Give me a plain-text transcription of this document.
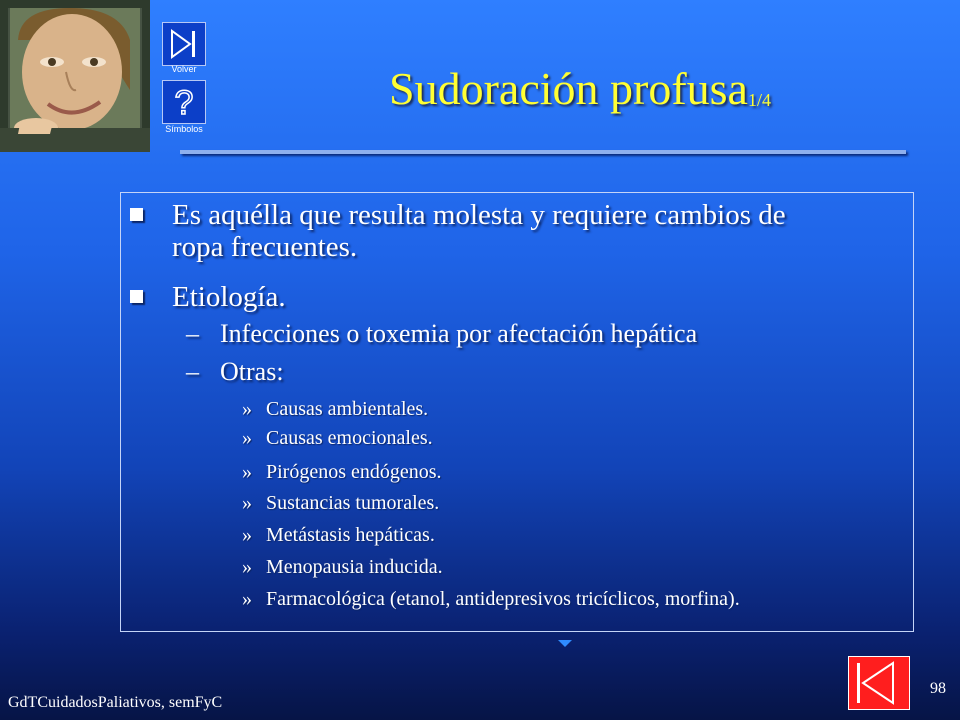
Volver
?
Símbolos
Sudoración profusa$_{1/4}$
Es aquélla que resulta molesta y requiere cambios de ropa frecuentes.
Etiología.
– Infecciones o toxemia por afectación hepática
– Otras:
» Causas ambientales.
» Causas emocionales.
» Pirógenos endógenos.
» Sustancias tumorales.
» Metástasis hepáticas.
» Menopausia inducida.
» Farmacológica (etanol, antidepresivos tricíclicos, morfina).
GdTCuidadosPaliativos, semFyC
98
